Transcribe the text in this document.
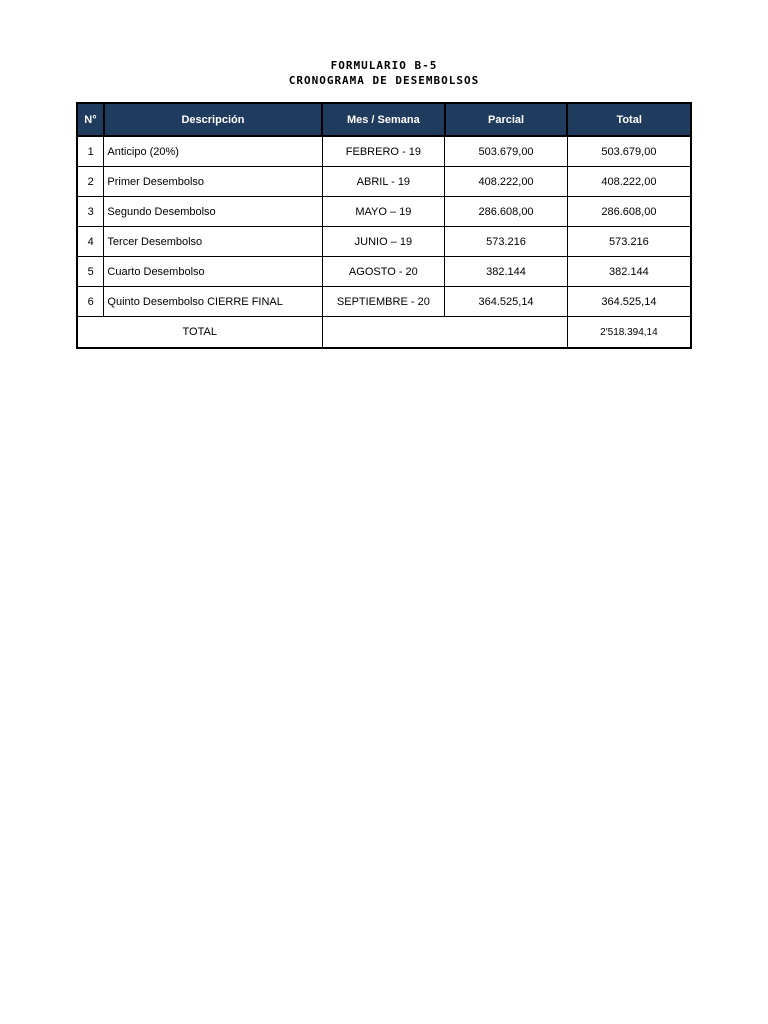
FORMULARIO B-5
CRONOGRAMA DE DESEMBOLSOS
N°	Descripción	Mes / Semana	Parcial	Total
1	Anticipo (20%)	FEBRERO - 19	503.679,00	503.679,00
2	Primer Desembolso	ABRIL - 19	408.222,00	408.222,00
3	Segundo Desembolso	MAYO – 19	286.608,00	286.608,00
4	Tercer Desembolso	JUNIO – 19	573.216	573.216
5	Cuarto Desembolso	AGOSTO - 20	382.144	382.144
6	Quinto Desembolso CIERRE FINAL	SEPTIEMBRE - 20	364.525,14	364.525,14
TOTAL				2'518.394,14
